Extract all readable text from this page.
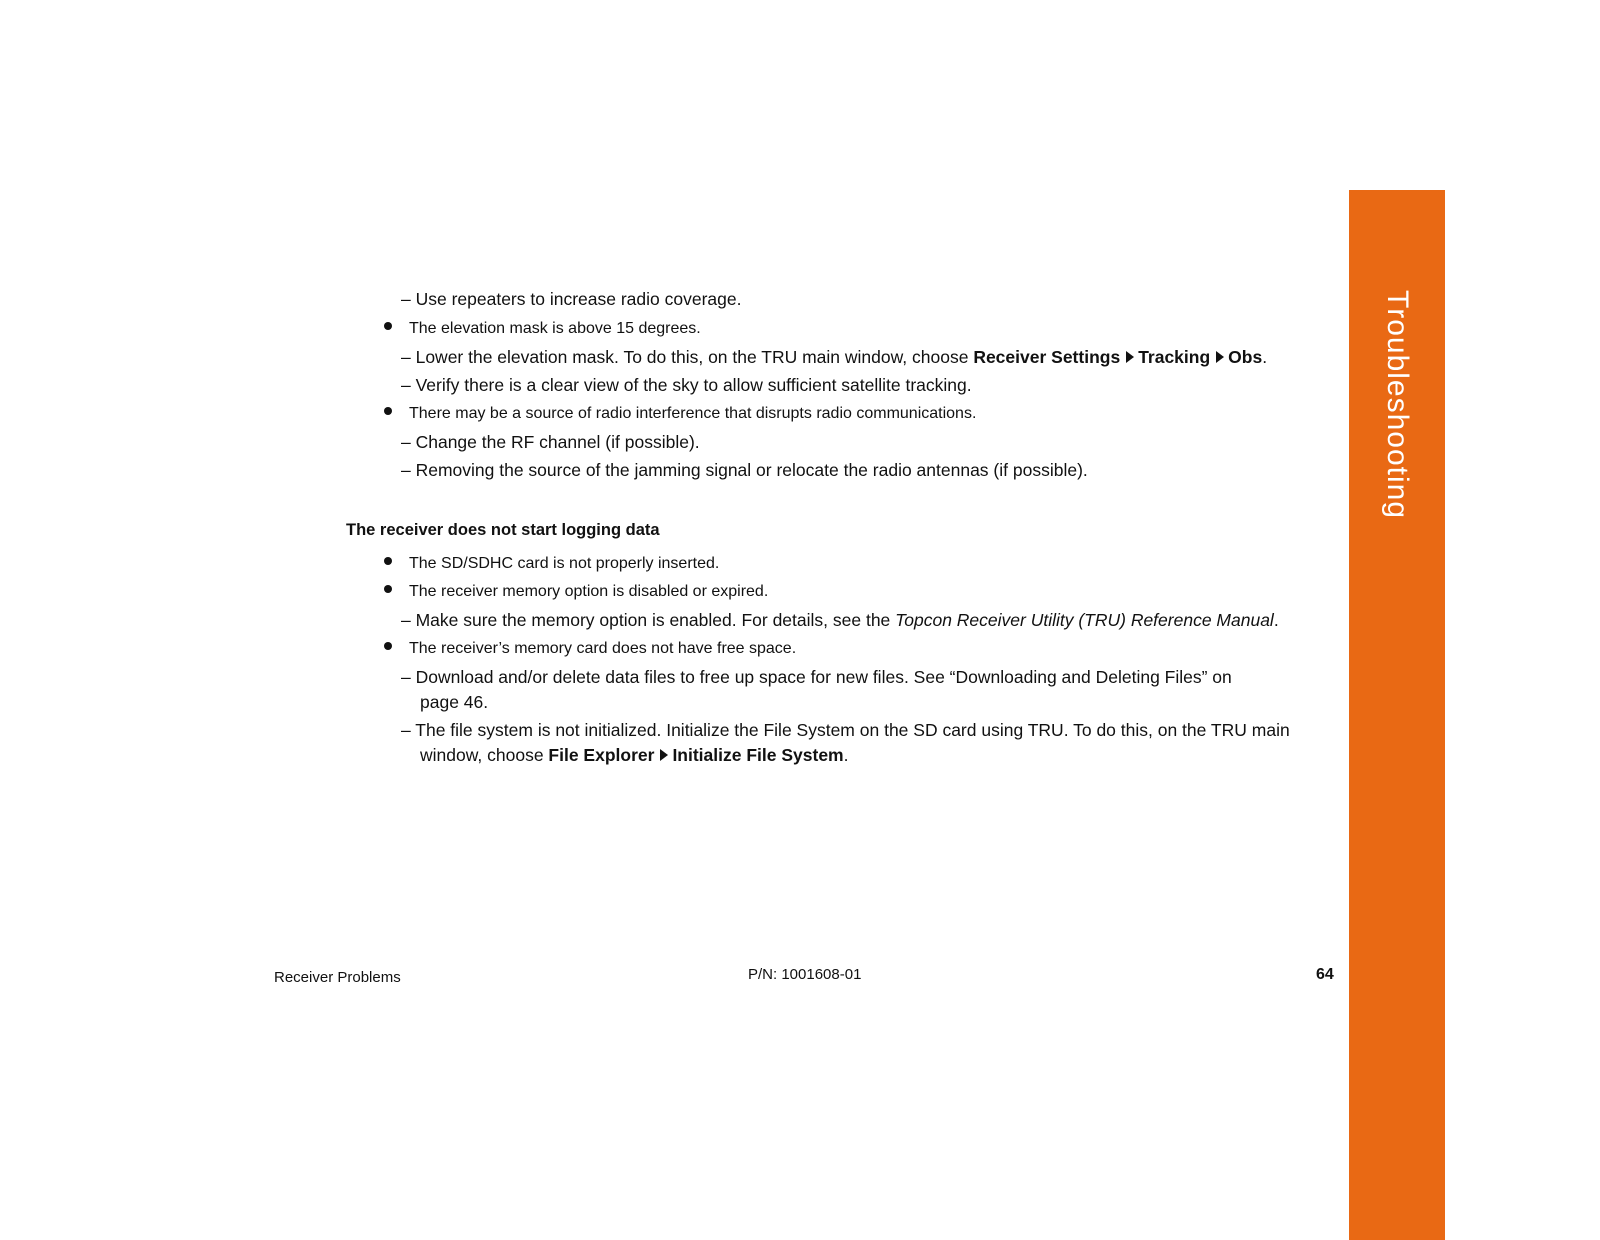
– Use repeaters to increase radio coverage.
The elevation mask is above 15 degrees.
– Lower the elevation mask. To do this, on the TRU main window, choose Receiver Settings Tracking Obs.
– Verify there is a clear view of the sky to allow sufficient satellite tracking.
There may be a source of radio interference that disrupts radio communications.
– Change the RF channel (if possible).
– Removing the source of the jamming signal or relocate the radio antennas (if possible).
The receiver does not start logging data
The SD/SDHC card is not properly inserted.
The receiver memory option is disabled or expired.
– Make sure the memory option is enabled. For details, see the Topcon Receiver Utility (TRU) Reference Manual.
The receiver’s memory card does not have free space.
– Download and/or delete data files to free up space for new files. See “Downloading and Deleting Files” on
page 46.
– The file system is not initialized. Initialize the File System on the SD card using TRU. To do this, on the TRU main
window, choose File Explorer Initialize File System.
Troubleshooting
Receiver Problems	P/N: 1001608-01	64
